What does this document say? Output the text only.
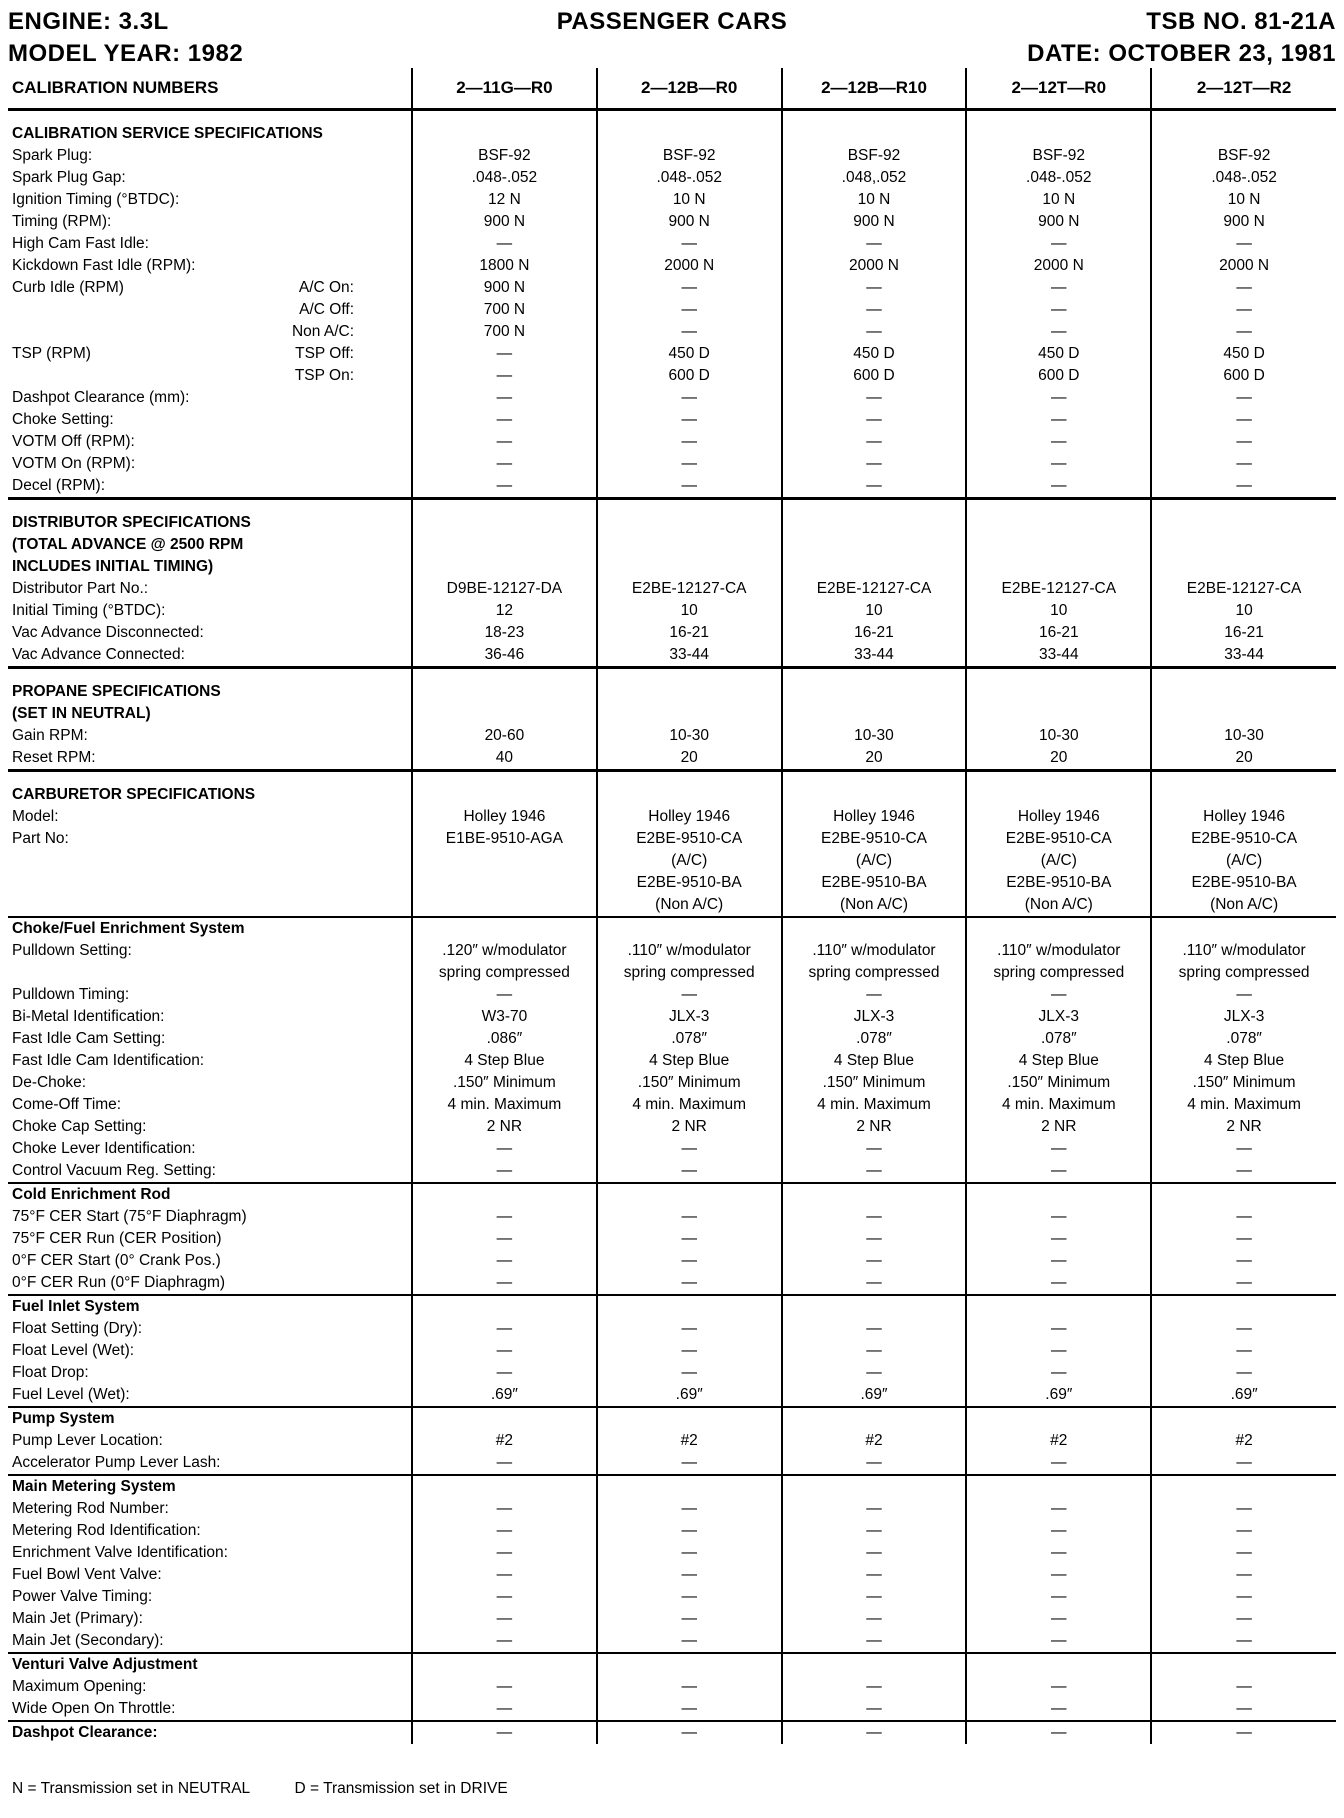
PASSENGER CARS
ENGINE: 3.3L
MODEL YEAR: 1982
TSB NO. 81-21A
DATE: OCTOBER 23, 1981
CALIBRATION NUMBERS	2—11G—R0	2—12B—R0	2—12B—R10	2—12T—R0	2—12T—R2

CALIBRATION SERVICE SPECIFICATIONS					
Spark Plug:	BSF-92	BSF-92	BSF-92	BSF-92	BSF-92
Spark Plug Gap:	.048-.052	.048-.052	.048,.052	.048-.052	.048-.052
Ignition Timing (°BTDC):	12 N	10 N	10 N	10 N	10 N
Timing (RPM):	900 N	900 N	900 N	900 N	900 N
High Cam Fast Idle:	—	—	—	—	—
Kickdown Fast Idle (RPM):	1800 N	2000 N	2000 N	2000 N	2000 N
Curb Idle (RPM) A/C On:	900 N	—	—	—	—

A/C Off:	700 N	—	—	—	—

Non A/C:	700 N	—	—	—	—
TSP (RPM) TSP Off:	—	450 D	450 D	450 D	450 D

TSP On:	—	600 D	600 D	600 D	600 D
Dashpot Clearance (mm):	—	—	—	—	—
Choke Setting:	—	—	—	—	—
VOTM Off (RPM):	—	—	—	—	—
VOTM On (RPM):	—	—	—	—	—
Decel (RPM):	—	—	—	—	—

DISTRIBUTOR SPECIFICATIONS					
(TOTAL ADVANCE @ 2500 RPM					
INCLUDES INITIAL TIMING)					
Distributor Part No.:	D9BE-12127-DA	E2BE-12127-CA	E2BE-12127-CA	E2BE-12127-CA	E2BE-12127-CA
Initial Timing (°BTDC):	12	10	10	10	10
Vac Advance Disconnected:	18-23	16-21	16-21	16-21	16-21
Vac Advance Connected:	36-46	33-44	33-44	33-44	33-44

PROPANE SPECIFICATIONS					
(SET IN NEUTRAL)					
Gain RPM:	20-60	10-30	10-30	10-30	10-30
Reset RPM:	40	20	20	20	20

CARBURETOR SPECIFICATIONS					
Model:	Holley 1946	Holley 1946	Holley 1946	Holley 1946	Holley 1946
Part No:	E1BE-9510-AGA	E2BE-9510-CA	E2BE-9510-CA	E2BE-9510-CA	E2BE-9510-CA
		(A/C)	(A/C)	(A/C)	(A/C)
		E2BE-9510-BA	E2BE-9510-BA	E2BE-9510-BA	E2BE-9510-BA
		(Non A/C)	(Non A/C)	(Non A/C)	(Non A/C)
Choke/Fuel Enrichment System					
Pulldown Setting:	.120″ w/modulator	.110″ w/modulator	.110″ w/modulator	.110″ w/modulator	.110″ w/modulator
	spring compressed	spring compressed	spring compressed	spring compressed	spring compressed
Pulldown Timing:	—	—	—	—	—
Bi-Metal Identification:	W3-70	JLX-3	JLX-3	JLX-3	JLX-3
Fast Idle Cam Setting:	.086″	.078″	.078″	.078″	.078″
Fast Idle Cam Identification:	4 Step Blue	4 Step Blue	4 Step Blue	4 Step Blue	4 Step Blue
De-Choke:	.150″ Minimum	.150″ Minimum	.150″ Minimum	.150″ Minimum	.150″ Minimum
Come-Off Time:	4 min. Maximum	4 min. Maximum	4 min. Maximum	4 min. Maximum	4 min. Maximum
Choke Cap Setting:	2 NR	2 NR	2 NR	2 NR	2 NR
Choke Lever Identification:	—	—	—	—	—
Control Vacuum Reg. Setting:	—	—	—	—	—
Cold Enrichment Rod					
75°F CER Start (75°F Diaphragm)	—	—	—	—	—
75°F CER Run (CER Position)	—	—	—	—	—
0°F CER Start (0° Crank Pos.)	—	—	—	—	—
0°F CER Run (0°F Diaphragm)	—	—	—	—	—
Fuel Inlet System					
Float Setting (Dry):	—	—	—	—	—
Float Level (Wet):	—	—	—	—	—
Float Drop:	—	—	—	—	—
Fuel Level (Wet):	.69″	.69″	.69″	.69″	.69″
Pump System					
Pump Lever Location:	#2	#2	#2	#2	#2
Accelerator Pump Lever Lash:	—	—	—	—	—
Main Metering System					
Metering Rod Number:	—	—	—	—	—
Metering Rod Identification:	—	—	—	—	—
Enrichment Valve Identification:	—	—	—	—	—
Fuel Bowl Vent Valve:	—	—	—	—	—
Power Valve Timing:	—	—	—	—	—
Main Jet (Primary):	—	—	—	—	—
Main Jet (Secondary):	—	—	—	—	—
Venturi Valve Adjustment					
Maximum Opening:	—	—	—	—	—
Wide Open On Throttle:	—	—	—	—	—
Dashpot Clearance:	—	—	—	—	—
N = Transmission set in NEUTRAL	D = Transmission set in DRIVE
